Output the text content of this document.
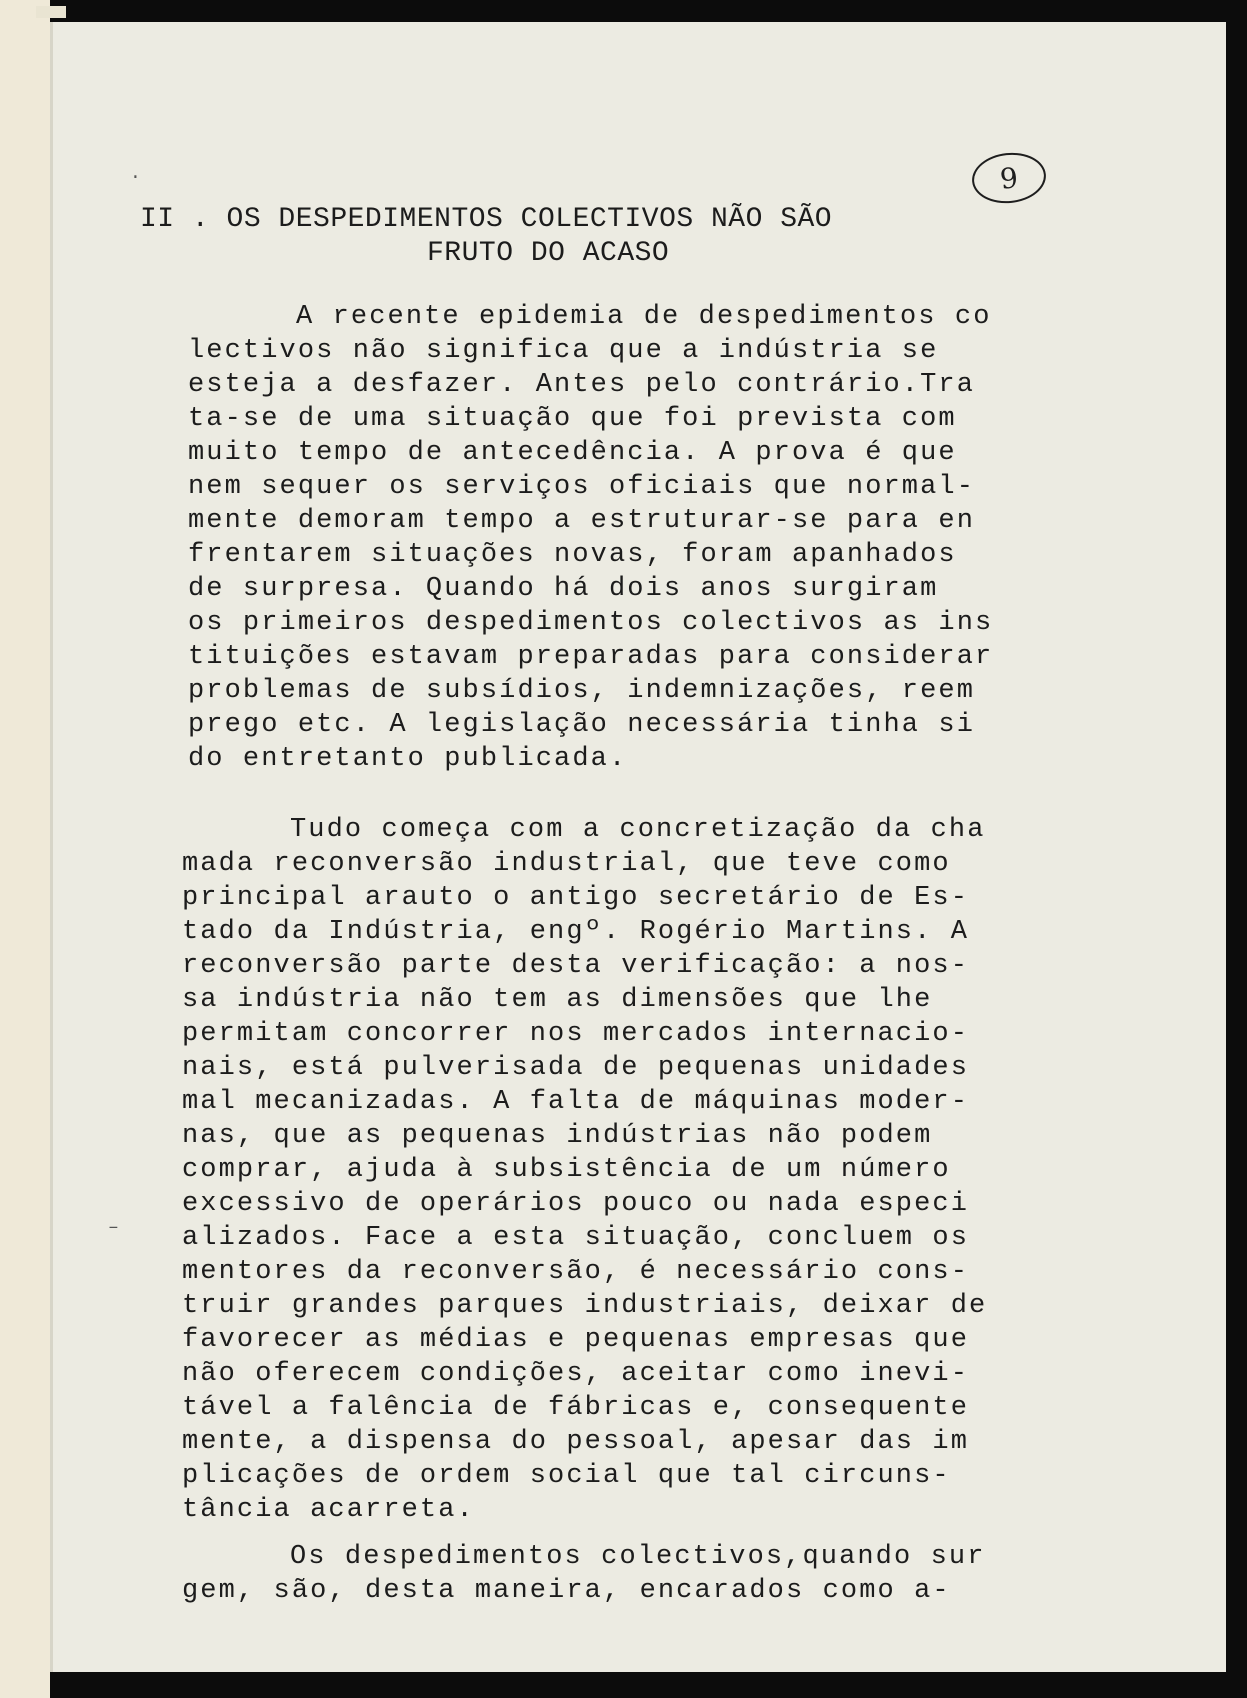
9
II . OS DESPEDIMENTOS COLECTIVOS NÃO SÃO
FRUTO DO ACASO
A recente epidemia de despedimentos co
lectivos não significa que a indústria se
esteja a desfazer. Antes pelo contrário.Tra
ta-se de uma situação que foi prevista com
muito tempo de antecedência. A prova é que
nem sequer os serviços oficiais que normal-
mente demoram tempo a estruturar-se para en
frentarem situações novas, foram apanhados
de surpresa. Quando há dois anos surgiram
os primeiros despedimentos colectivos as ins
tituições estavam preparadas para considerar
problemas de subsídios, indemnizações, reem
prego etc. A legislação necessária tinha si
do entretanto publicada.
Tudo começa com a concretização da cha
mada reconversão industrial, que teve como
principal arauto o antigo secretário de Es-
tado da Indústria, engº. Rogério Martins. A
reconversão parte desta verificação: a nos-
sa indústria não tem as dimensões que lhe
permitam concorrer nos mercados internacio-
nais, está pulverisada de pequenas unidades
mal mecanizadas. A falta de máquinas moder-
nas, que as pequenas indústrias não podem
comprar, ajuda à subsistência de um número
excessivo de operários pouco ou nada especi
alizados. Face a esta situação, concluem os
mentores da reconversão, é necessário cons-
truir grandes parques industriais, deixar de
favorecer as médias e pequenas empresas que
não oferecem condições, aceitar como inevi-
tável a falência de fábricas e, consequente
mente, a dispensa do pessoal, apesar das im
plicações de ordem social que tal circuns-
tância acarreta.
Os despedimentos colectivos,quando sur
gem, são, desta maneira, encarados como a-
·
–
